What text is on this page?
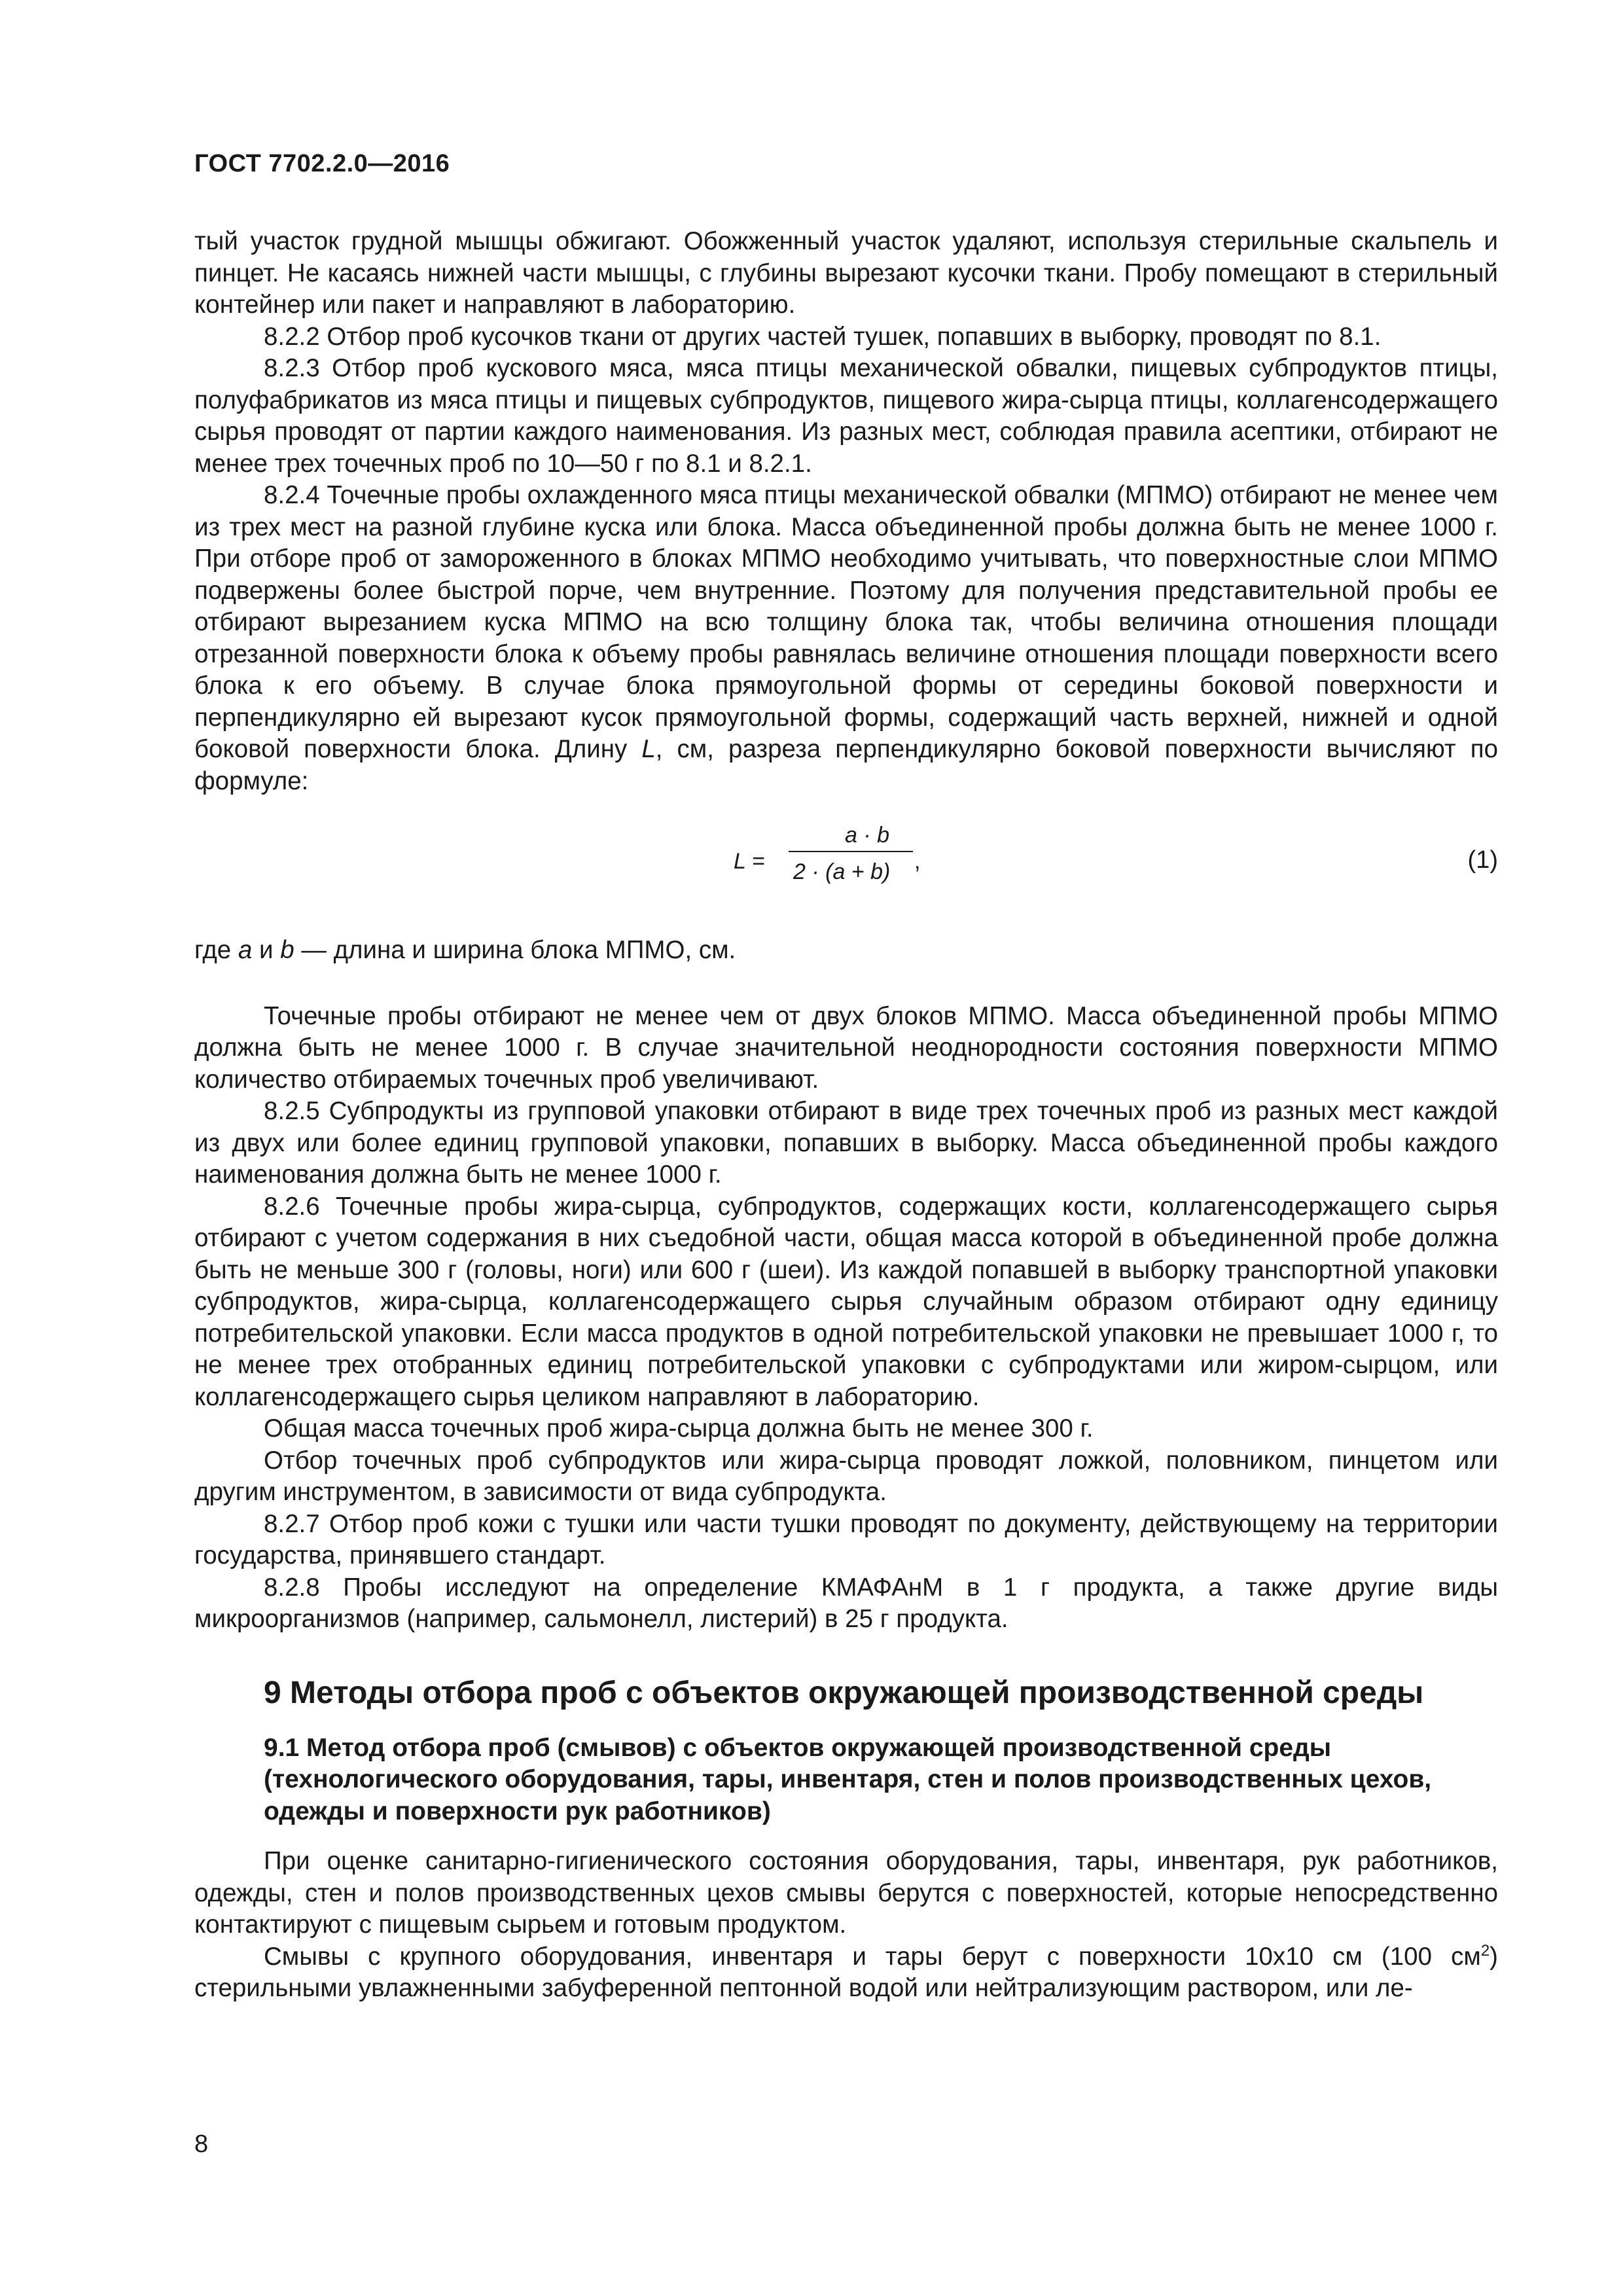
ГОСТ 7702.2.0—2016

тый участок грудной мышцы обжигают. Обожженный участок удаляют, используя стерильные скальпель и пинцет. Не касаясь нижней части мышцы, с глубины вырезают кусочки ткани. Пробу помещают в стерильный контейнер или пакет и направляют в лабораторию.

8.2.2 Отбор проб кусочков ткани от других частей тушек, попавших в выборку, проводят по 8.1.

8.2.3 Отбор проб кускового мяса, мяса птицы механической обвалки, пищевых субпродуктов птицы, полуфабрикатов из мяса птицы и пищевых субпродуктов, пищевого жира-сырца птицы, коллагенсодержащего сырья проводят от партии каждого наименования. Из разных мест, соблюдая правила асептики, отбирают не менее трех точечных проб по 10—50 г по 8.1 и 8.2.1.

8.2.4 Точечные пробы охлажденного мяса птицы механической обвалки (МПМО) отбирают не менее чем из трех мест на разной глубине куска или блока. Масса объединенной пробы должна быть не менее 1000 г. При отборе проб от замороженного в блоках МПМО необходимо учитывать, что поверхностные слои МПМО подвержены более быстрой порче, чем внутренние. Поэтому для получения представительной пробы ее отбирают вырезанием куска МПМО на всю толщину блока так, чтобы величина отношения площади отрезанной поверхности блока к объему пробы равнялась величине отношения площади поверхности всего блока к его объему. В случае блока прямоугольной формы от середины боковой поверхности и перпендикулярно ей вырезают кусок прямоугольной формы, содержащий часть верхней, нижней и одной боковой поверхности блока. Длину L, см, разреза перпендикулярно боковой поверхности вычисляют по формуле:

L =
a · b
2 · (a + b) ,	(1)

где a и b — длина и ширина блока МПМО, см.

Точечные пробы отбирают не менее чем от двух блоков МПМО. Масса объединенной пробы МПМО должна быть не менее 1000 г. В случае значительной неоднородности состояния поверхности МПМО количество отбираемых точечных проб увеличивают.

8.2.5 Субпродукты из групповой упаковки отбирают в виде трех точечных проб из разных мест каждой из двух или более единиц групповой упаковки, попавших в выборку. Масса объединенной пробы каждого наименования должна быть не менее 1000 г.

8.2.6 Точечные пробы жира-сырца, субпродуктов, содержащих кости, коллагенсодержащего сырья отбирают с учетом содержания в них съедобной части, общая масса которой в объединенной пробе должна быть не меньше 300 г (головы, ноги) или 600 г (шеи). Из каждой попавшей в выборку транспортной упаковки субпродуктов, жира-сырца, коллагенсодержащего сырья случайным образом отбирают одну единицу потребительской упаковки. Если масса продуктов в одной потребительской упаковки не превышает 1000 г, то не менее трех отобранных единиц потребительской упаковки с субпродуктами или жиром-сырцом, или коллагенсодержащего сырья целиком направляют в лабораторию.

Общая масса точечных проб жира-сырца должна быть не менее 300 г.

Отбор точечных проб субпродуктов или жира-сырца проводят ложкой, половником, пинцетом или другим инструментом, в зависимости от вида субпродукта.

8.2.7 Отбор проб кожи с тушки или части тушки проводят по документу, действующему на территории государства, принявшего стандарт.

8.2.8 Пробы исследуют на определение КМАФАнМ в 1 г продукта, а также другие виды микроорганизмов (например, сальмонелл, листерий) в 25 г продукта.

9 Методы отбора проб с объектов окружающей производственной среды
9.1 Метод отбора проб (смывов) с объектов окружающей производственной среды (технологического оборудования, тары, инвентаря, стен и полов производственных цехов, одежды и поверхности рук работников)

При оценке санитарно-гигиенического состояния оборудования, тары, инвентаря, рук работников, одежды, стен и полов производственных цехов смывы берутся с поверхностей, которые непосредственно контактируют с пищевым сырьем и готовым продуктом.

Смывы с крупного оборудования, инвентаря и тары берут с поверхности 10х10 см (100 $см^2$) стерильными увлажненными забуференной пептонной водой или нейтрализующим раствором, или ле-

8
